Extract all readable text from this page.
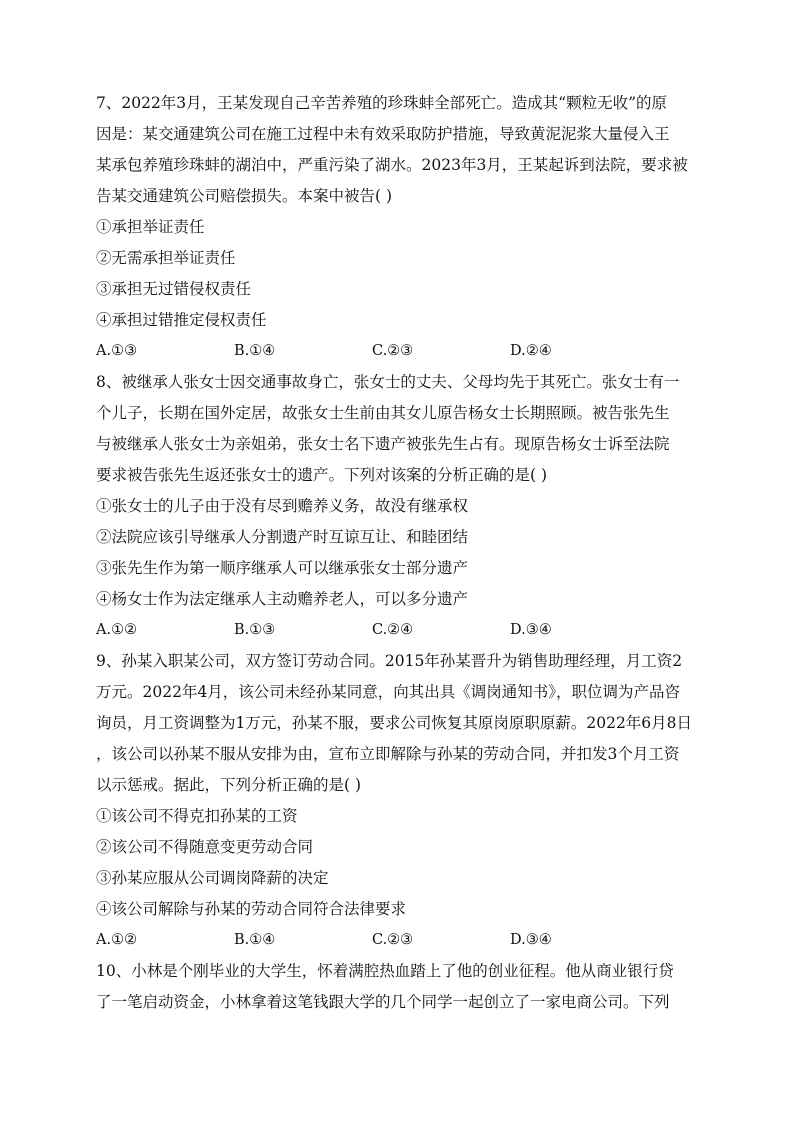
7、2022年3月，王某发现自己辛苦养殖的珍珠蚌全部死亡。造成其“颗粒无收”的原
因是：某交通建筑公司在施工过程中未有效采取防护措施，导致黄泥泥浆大量侵入王
某承包养殖珍珠蚌的湖泊中，严重污染了湖水。2023年3月，王某起诉到法院，要求被
告某交通建筑公司赔偿损失。本案中被告( )

①承担举证责任

②无需承担举证责任

③承担无过错侵权责任

④承担过错推定侵权责任

A.①③	B.①④	C.②③	D.②④

8、被继承人张女士因交通事故身亡，张女士的丈夫、父母均先于其死亡。张女士有一
个儿子，长期在国外定居，故张女士生前由其女儿原告杨女士长期照顾。被告张先生
与被继承人张女士为亲姐弟，张女士名下遗产被张先生占有。现原告杨女士诉至法院
要求被告张先生返还张女士的遗产。下列对该案的分析正确的是( )

①张女士的儿子由于没有尽到赡养义务，故没有继承权

②法院应该引导继承人分割遗产时互谅互让、和睦团结

③张先生作为第一顺序继承人可以继承张女士部分遗产

④杨女士作为法定继承人主动赡养老人，可以多分遗产

A.①②	B.①③	C.②④	D.③④

9、孙某入职某公司，双方签订劳动合同。2015年孙某晋升为销售助理经理，月工资2
万元。2022年4月，该公司未经孙某同意，向其出具《调岗通知书》，职位调为产品咨
询员，月工资调整为1万元，孙某不服，要求公司恢复其原岗原职原薪。2022年6月8日
，该公司以孙某不服从安排为由，宣布立即解除与孙某的劳动合同，并扣发3个月工资
以示惩戒。据此，下列分析正确的是( )

①该公司不得克扣孙某的工资

②该公司不得随意变更劳动合同

③孙某应服从公司调岗降薪的决定

④该公司解除与孙某的劳动合同符合法律要求

A.①②	B.①④	C.②③	D.③④

10、小林是个刚毕业的大学生，怀着满腔热血踏上了他的创业征程。他从商业银行贷
了一笔启动资金，小林拿着这笔钱跟大学的几个同学一起创立了一家电商公司。下列
